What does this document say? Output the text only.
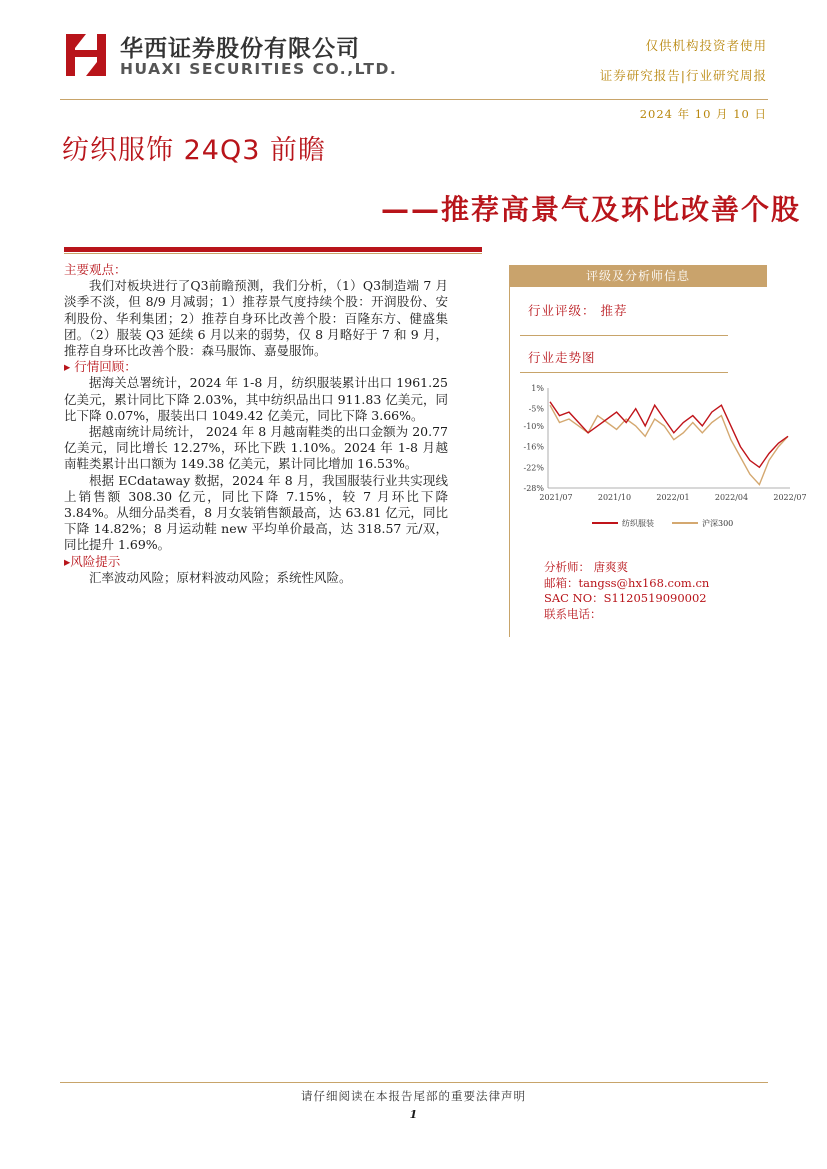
华西证券股份有限公司
HUAXI SECURITIES CO.,LTD.
仅供机构投资者使用
证券研究报告|行业研究周报
2024 年 10 月 10 日
纺织服饰 24Q3 前瞻
——推荐高景气及环比改善个股

主要观点：

我们对板块进行了Q3前瞻预测，我们分析，（1）Q3制造端 7 月淡季不淡，但 8/9 月减弱；1）推荐景气度持续个股：开润股份、安利股份、华利集团；2）推荐自身环比改善个股：百隆东方、健盛集团。（2）服装 Q3 延续 6 月以来的弱势，仅 8 月略好于 7 和 9 月，推荐自身环比改善个股：森马服饰、嘉曼服饰。

▸ 行情回顾：

据海关总署统计，2024 年 1-8 月，纺织服装累计出口 1961.25 亿美元，累计同比下降 2.03%，其中纺织品出口 911.83 亿美元，同比下降 0.07%，服装出口 1049.42 亿美元，同比下降 3.66%。

据越南统计局统计， 2024 年 8 月越南鞋类的出口金额为 20.77 亿美元，同比增长 12.27%，环比下跌 1.10%。2024 年 1-8 月越南鞋类累计出口额为 149.38 亿美元，累计同比增加 16.53%。

根据 ECdataway 数据，2024 年 8 月，我国服装行业共实现线上销售额 308.30 亿元，同比下降 7.15%，较 7 月环比下降 3.84%。从细分品类看，8 月女装销售额最高，达 63.81 亿元，同比下降 14.82%；8 月运动鞋 new 平均单价最高，达 318.57 元/双，同比提升 1.69%。

▸风险提示

汇率波动风险；原材料波动风险；系统性风险。

评级及分析师信息
行业评级： 推荐
行业走势图
1%
-5%
-10%
-16%
-22%
-28%
2021/07	2021/10	2022/01	2022/04	2022/07
纺织服装	沪深300
分析师： 唐爽爽
邮箱：tangss@hx168.com.cn
SAC NO：S1120519090002
联系电话：
请仔细阅读在本报告尾部的重要法律声明
1
